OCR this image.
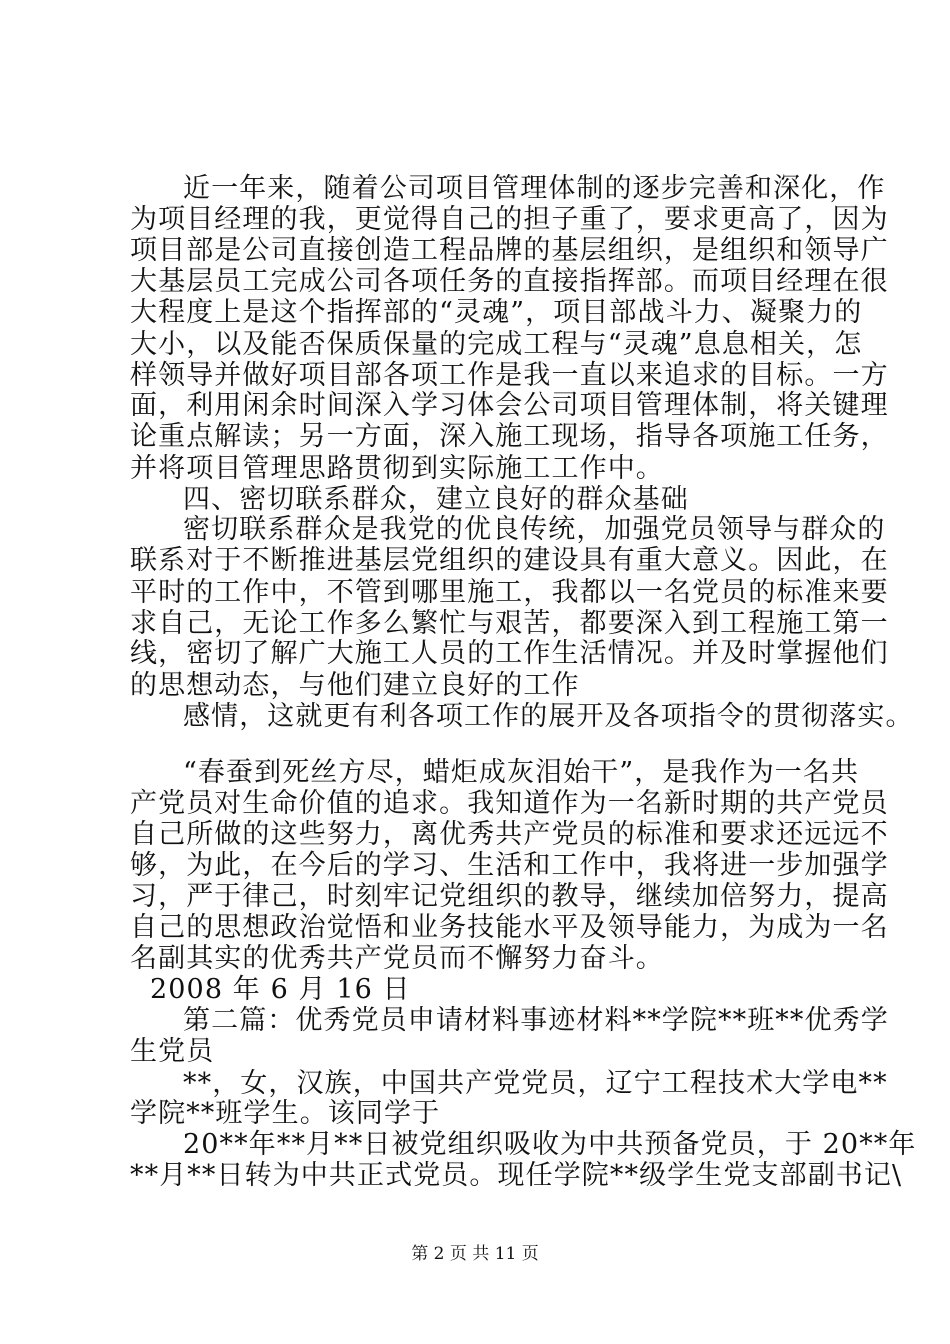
近一年来，随着公司项目管理体制的逐步完善和深化，作
为项目经理的我，更觉得自己的担子重了，要求更高了，因为
项目部是公司直接创造工程品牌的基层组织，是组织和领导广
大基层员工完成公司各项任务的直接指挥部。而项目经理在很
大程度上是这个指挥部的“灵魂”，项目部战斗力、凝聚力的
大小，以及能否保质保量的完成工程与“灵魂”息息相关，怎
样领导并做好项目部各项工作是我一直以来追求的目标。一方
面，利用闲余时间深入学习体会公司项目管理体制，将关键理
论重点解读；另一方面，深入施工现场，指导各项施工任务，
并将项目管理思路贯彻到实际施工工作中。
四、密切联系群众，建立良好的群众基础
密切联系群众是我党的优良传统，加强党员领导与群众的
联系对于不断推进基层党组织的建设具有重大意义。因此，在
平时的工作中，不管到哪里施工，我都以一名党员的标准来要
求自己，无论工作多么繁忙与艰苦，都要深入到工程施工第一
线，密切了解广大施工人员的工作生活情况。并及时掌握他们
的思想动态，与他们建立良好的工作
感情，这就更有利各项工作的展开及各项指令的贯彻落实。
“春蚕到死丝方尽，蜡炬成灰泪始干”，是我作为一名共
产党员对生命价值的追求。我知道作为一名新时期的共产党员
自己所做的这些努力，离优秀共产党员的标准和要求还远远不
够，为此，在今后的学习、生活和工作中，我将进一步加强学
习，严于律己，时刻牢记党组织的教导，继续加倍努力，提高
自己的思想政治觉悟和业务技能水平及领导能力，为成为一名
名副其实的优秀共产党员而不懈努力奋斗。
2008 年 6 月 16 日
第二篇：优秀党员申请材料事迹材料**学院**班**优秀学
生党员
**，女，汉族，中国共产党党员，辽宁工程技术大学电**
学院**班学生。该同学于
20**年**月**日被党组织吸收为中共预备党员，于 20**年
**月**日转为中共正式党员。现任学院**级学生党支部副书记\
第 2 页 共 11 页
